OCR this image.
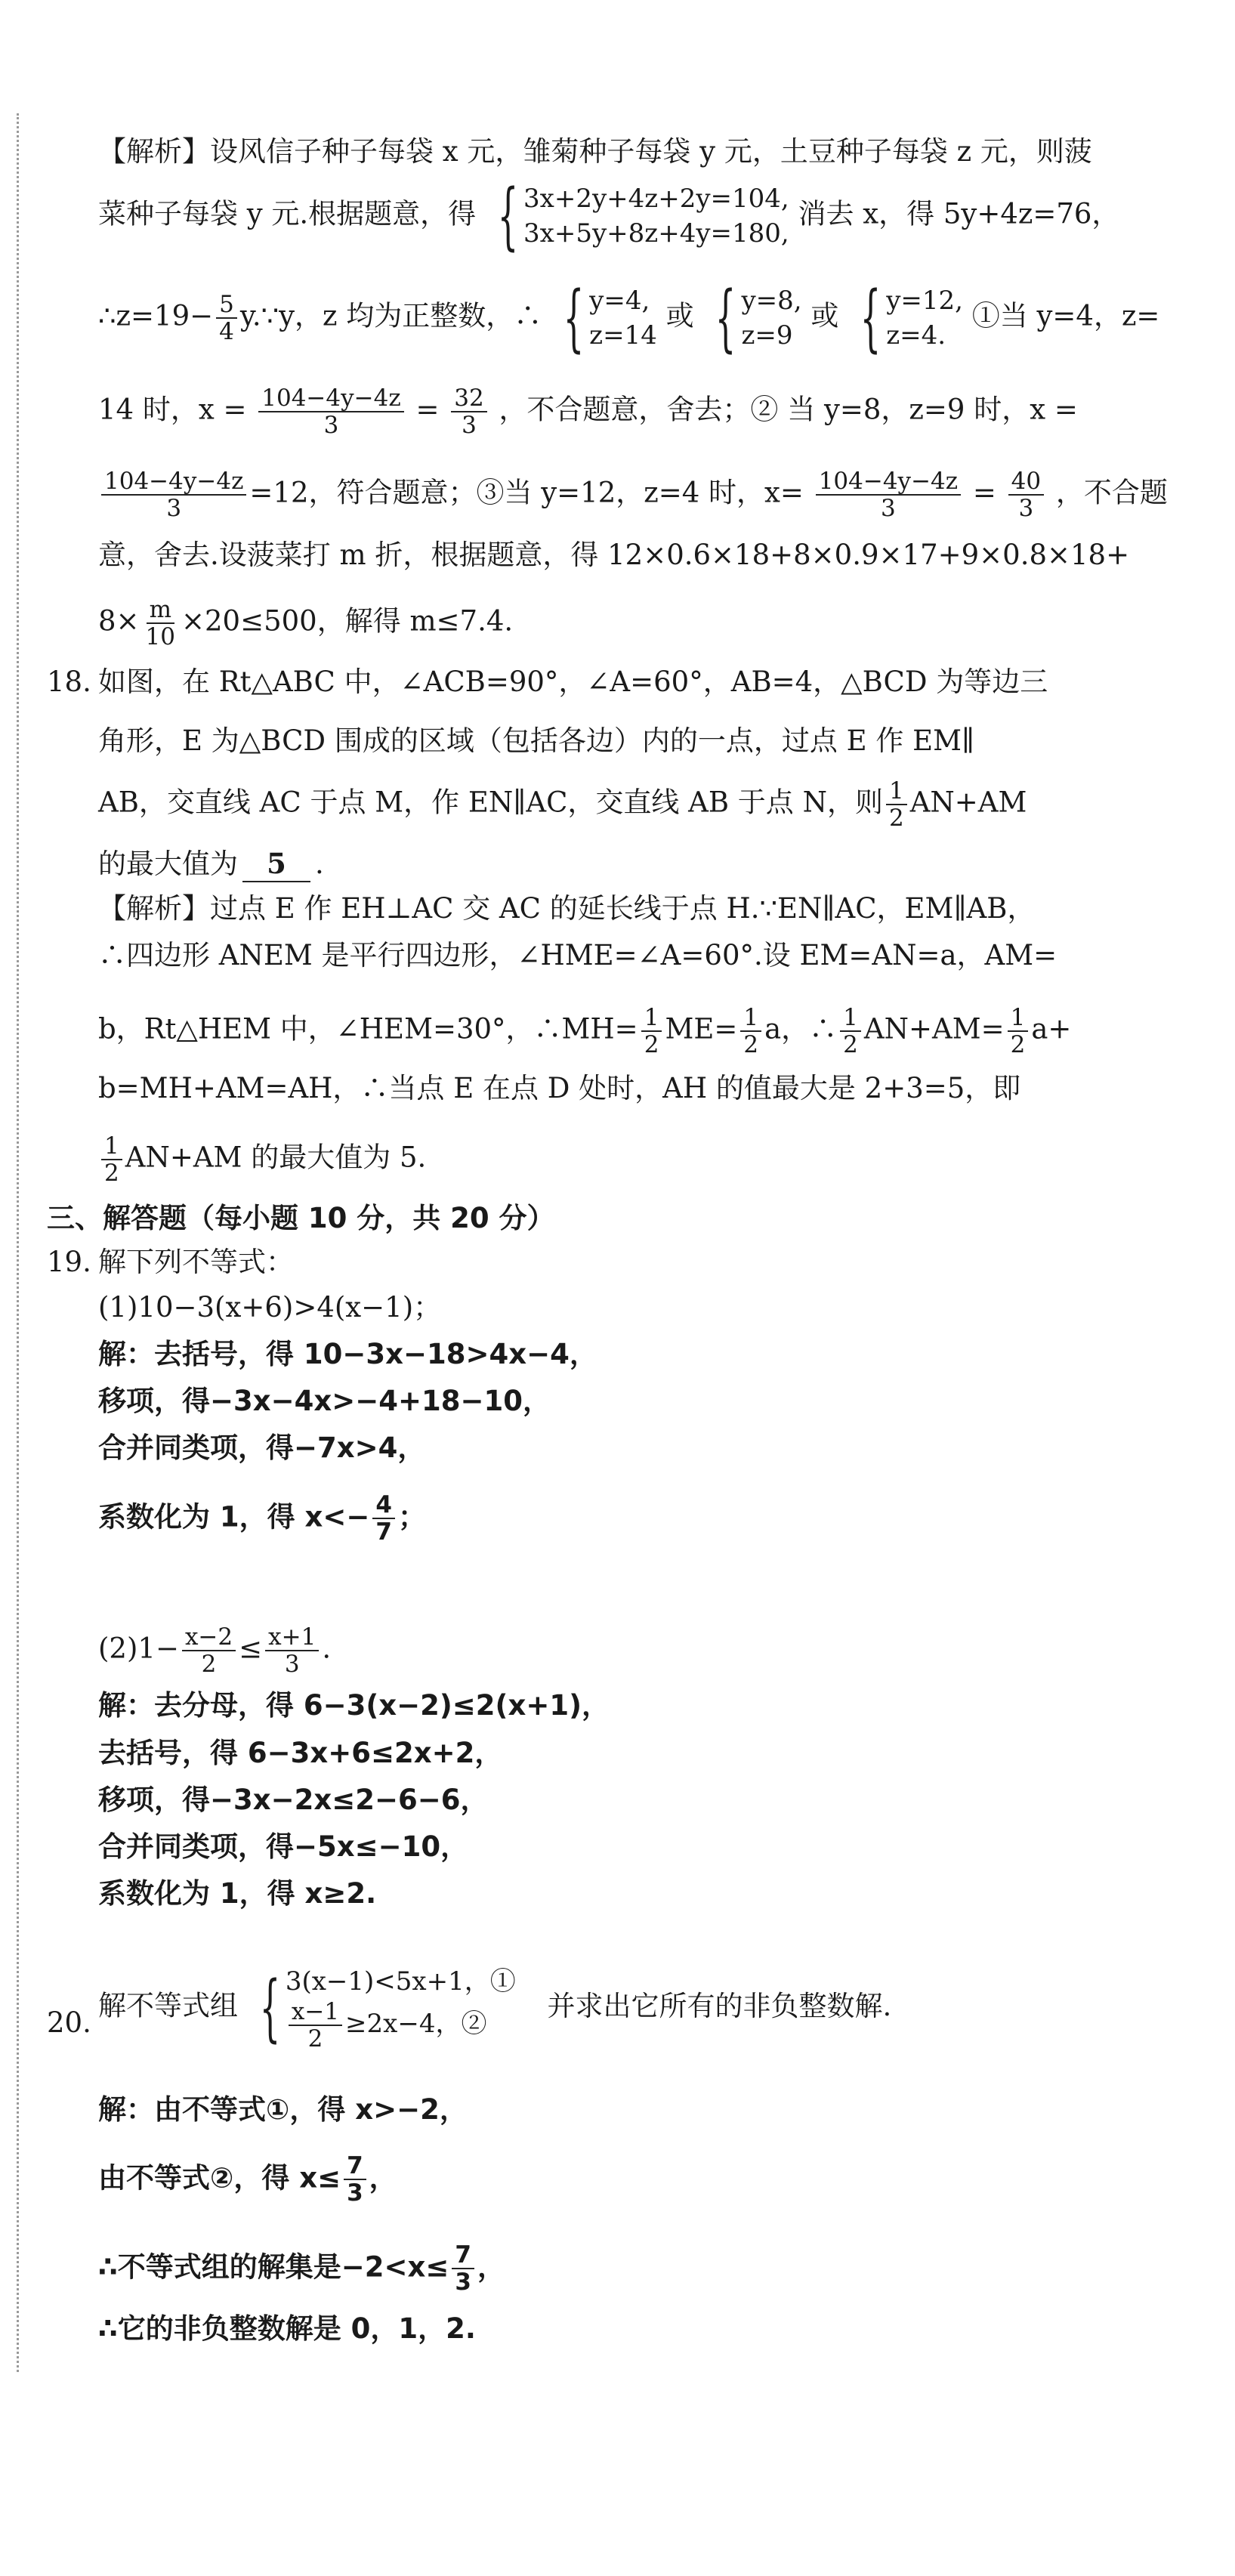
【解析】设风信子种子每袋 x 元，雏菊种子每袋 y 元，土豆种子每袋 z 元，则菠
菜种子每袋 y 元.根据题意，得 { 3x+2y+4z+2y=104,
3x+5y+8z+4y=180,
消去 x，得 5y+4z=76，
∴z=19− $\frac{5}{4}$ y.∵y，z 均为正整数，∴ { y=4,
z=14
或 { y=8,
z=9
或 { y=12,
z=4.
①当 y=4，z=
14 时，$x = \frac{104-4y-4z}{3} = \frac{32}{3}$ ，不合题意，舍去；② 当 y=8，z=9 时，x =
$\frac{104-4y-4z}{3} =12$，符合题意；③当 y=12，z=4 时，$x= \frac{104-4y-4z}{3} = \frac{40}{3}$ ，不合题
意，舍去.设菠菜打 m 折，根据题意，得 12×0.6×18+8×0.9×17+9×0.8×18+
$8\times \frac{m}{10} \times 20\le 500$，解得 m≤7.4.
18. 如图，在 Rt△ABC 中，∠ACB=90°，∠A=60°，AB=4，△BCD 为等边三
角形，E 为△BCD 围成的区域（包括各边）内的一点，过点 E 作 EM∥
AB，交直线 AC 于点 M，作 EN∥AC，交直线 AB 于点 N，则 $\frac{1}{2} AN+AM$
的最大值为 5 .
【解析】过点 E 作 EH⊥AC 交 AC 的延长线于点 H.∵EN∥AC，EM∥AB，
∴四边形 ANEM 是平行四边形，∠HME=∠A=60°.设 EM=AN=a，AM=
b，Rt△HEM 中，∠HEM=30°，∴MH= $\frac{1}{2} ME= \frac{1}{2}$ a，∴ $\frac{1}{2} AN+AM= \frac{1}{2} a+$
b=MH+AM=AH，∴当点 E 在点 D 处时，AH 的值最大是 2+3=5，即
$\frac{1}{2} AN+AM$ 的最大值为 5.
三、解答题（每小题 10 分，共 20 分）
19. 解下列不等式：
(1)10−3(x+6)>4(x−1)；
解：去括号，得 10−3x−18>4x−4，
移项，得−3x−4x>−4+18−10，
合并同类项，得−7x>4，
系数化为 1，得 $x<- \frac{4}{7}$ ；
$(2)1- \frac{x-2}{2} \le \frac{x+1}{3}$ .
解：去分母，得 6−3(x−2)≤2(x+1)，
去括号，得 6−3x+6≤2x+2，
移项，得−3x−2x≤2−6−6，
合并同类项，得−5x≤−10，
系数化为 1，得 x≥2.
20.
解不等式组 { 3(x−1)<5x+1，①
$\frac{x-1}{2} \ge 2x-4$，②
并求出它所有的非负整数解.
解：由不等式①，得 x>−2，
由不等式②，得 $x\le \frac{7}{3}$ ，
∴不等式组的解集是$-2<x\le \frac{7}{3}$ ，
∴它的非负整数解是 0，1，2.
